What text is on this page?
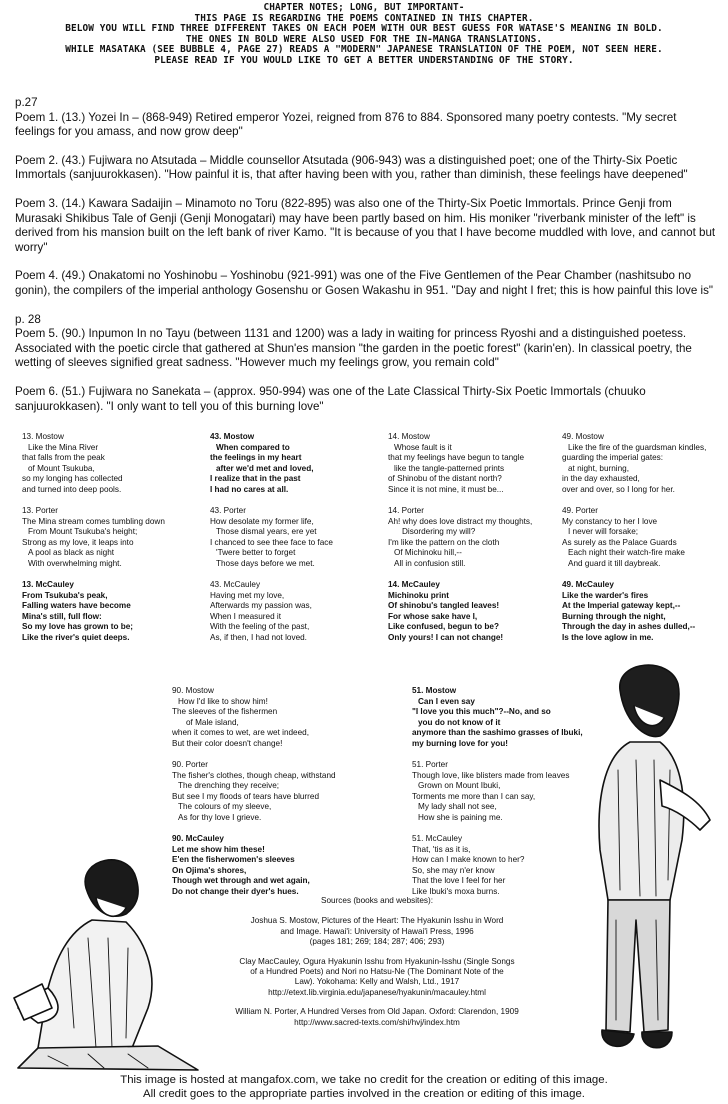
CHAPTER NOTES; LONG, BUT IMPORTANT-
THIS PAGE IS REGARDING THE POEMS CONTAINED IN THIS CHAPTER.
BELOW YOU WILL FIND THREE DIFFERENT TAKES ON EACH POEM WITH OUR BEST GUESS FOR WATASE'S MEANING IN BOLD.
THE ONES IN BOLD WERE ALSO USED FOR THE IN-MANGA TRANSLATIONS.
WHILE MASATAKA (SEE BUBBLE 4, PAGE 27) READS A "MODERN" JAPANESE TRANSLATION OF THE POEM, NOT SEEN HERE.
PLEASE READ IF YOU WOULD LIKE TO GET A BETTER UNDERSTANDING OF THE STORY.

p.27

Poem 1. (13.) Yozei In – (868-949) Retired emperor Yozei, reigned from 876 to 884. Sponsored many poetry contests. "My secret feelings for you amass, and now grow deep"

Poem 2. (43.) Fujiwara no Atsutada – Middle counsellor Atsutada (906-943) was a distinguished poet; one of the Thirty-Six Poetic Immortals (sanjuurokkasen). "How painful it is, that after having been with you, rather than diminish, these feelings have deepened"

Poem 3. (14.) Kawara Sadaijin – Minamoto no Toru (822-895) was also one of the Thirty-Six Poetic Immortals. Prince Genji from Murasaki Shikibus Tale of Genji (Genji Monogatari) may have been partly based on him. His moniker "riverbank minister of the left" is derived from his mansion built on the left bank of river Kamo. "It is because of you that I have become muddled with love, and cannot but worry"

Poem 4. (49.) Onakatomi no Yoshinobu – Yoshinobu (921-991) was one of the Five Gentlemen of the Pear Chamber (nashitsubo no gonin), the compilers of the imperial anthology Gosenshu or Gosen Wakashu in 951. "Day and night I fret; this is how painful this love is"

p. 28

Poem 5. (90.) Inpumon In no Tayu (between 1131 and 1200) was a lady in waiting for princess Ryoshi and a distinguished poetess. Associated with the poetic circle that gathered at Shun'es mansion "the garden in the poetic forest" (karin'en). In classical poetry, the wetting of sleeves signified great sadness. "However much my feelings grow, you remain cold"

Poem 6. (51.) Fujiwara no Sanekata – (approx. 950-994) was one of the Late Classical Thirty-Six Poetic Immortals (chuuko sanjuurokkasen). "I only want to tell you of this burning love"

13. Mostow
Like the Mina River
that falls from the peak
of Mount Tsukuba,
so my longing has collected
and turned into deep pools.
13. Porter
The Mina stream comes tumbling down
From Mount Tsukuba's height;
Strong as my love, it leaps into
A pool as black as night
With overwhelming might.
13. McCauley
From Tsukuba's peak,
Falling waters have become
Mina's still, full flow:
So my love has grown to be;
Like the river's quiet deeps.
43. Mostow
When compared to
the feelings in my heart
after we'd met and loved,
I realize that in the past
I had no cares at all.
43. Porter
How desolate my former life,
Those dismal years, ere yet
I chanced to see thee face to face
'Twere better to forget
Those days before we met.
43. McCauley
Having met my love,
Afterwards my passion was,
When I measured it
With the feeling of the past,
As, if then, I had not loved.
14. Mostow
Whose fault is it
that my feelings have begun to tangle
like the tangle-patterned prints
of Shinobu of the distant north?
Since it is not mine, it must be...
14. Porter
Ah! why does love distract my thoughts,
Disordering my will?
I'm like the pattern on the cloth
Of Michinoku hill,--
All in confusion still.
14. McCauley
Michinoku print
Of shinobu's tangled leaves!
For whose sake have I,
Like confused, begun to be?
Only yours! I can not change!
49. Mostow
Like the fire of the guardsman kindles,
guarding the imperial gates:
at night, burning,
in the day exhausted,
over and over, so I long for her.
49. Porter
My constancy to her I love
I never will forsake;
As surely as the Palace Guards
Each night their watch-fire make
And guard it till daybreak.
49. McCauley
Like the warder's fires
At the Imperial gateway kept,--
Burning through the night,
Through the day in ashes dulled,--
Is the love aglow in me.
90. Mostow
How I'd like to show him!
The sleeves of the fishermen
of Male island,
when it comes to wet, are wet indeed,
But their color doesn't change!
90. Porter
The fisher's clothes, though cheap, withstand
The drenching they receive;
But see I my floods of tears have blurred
The colours of my sleeve,
As for thy love I grieve.
90. McCauley
Let me show him these!
E'en the fisherwomen's sleeves
On Ojima's shores,
Though wet through and wet again,
Do not change their dyer's hues.
51. Mostow
Can I even say
"I love you this much"?--No, and so
you do not know of it
anymore than the sashimo grasses of Ibuki,
my burning love for you!
51. Porter
Though love, like blisters made from leaves
Grown on Mount Ibuki,
Torments me more than I can say,
My lady shall not see,
How she is paining me.
51. McCauley
That, 'tis as it is,
How can I make known to her?
So, she may n'er know
That the love I feel for her
Like Ibuki's moxa burns.
Sources (books and websites):
Joshua S. Mostow, Pictures of the Heart: The Hyakunin Isshu in Word
and Image. Hawai'i: University of Hawai'i Press, 1996
(pages 181; 269; 184; 287; 406; 293)
Clay MacCauley, Ogura Hyakunin Isshu from Hyakunin-Isshu (Single Songs
of a Hundred Poets) and Nori no Hatsu-Ne (The Dominant Note of the
Law). Yokohama: Kelly and Walsh, Ltd., 1917
http://etext.lib.virginia.edu/japanese/hyakunin/macauley.html
William N. Porter, A Hundred Verses from Old Japan. Oxford: Clarendon, 1909
http://www.sacred-texts.com/shi/hvj/index.htm
This image is hosted at mangafox.com, we take no credit for the creation or editing of this image.
All credit goes to the appropriate parties involved in the creation or editing of this image.
